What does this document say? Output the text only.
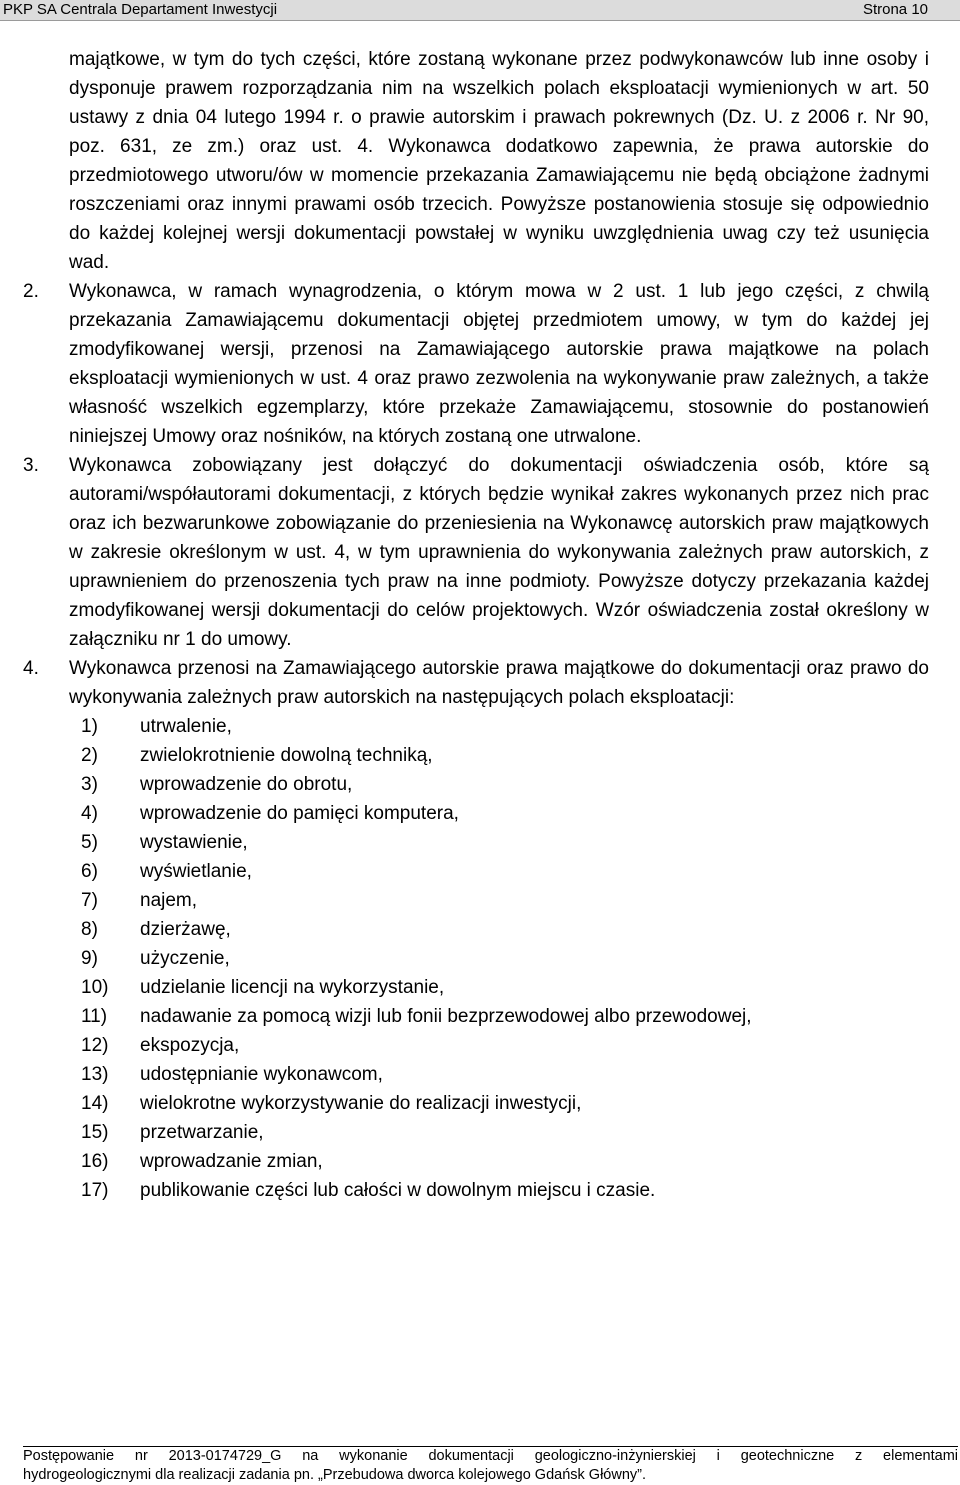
PKP SA Centrala Departament Inwestycji	Strona 10

majątkowe, w tym do tych części, które zostaną wykonane przez podwykonawców lub inne osoby i dysponuje prawem rozporządzania nim na wszelkich polach eksploatacji wymienionych w art. 50 ustawy z dnia 04 lutego 1994 r. o prawie autorskim i prawach pokrewnych (Dz. U. z 2006 r. Nr 90, poz. 631, ze zm.) oraz ust. 4. Wykonawca dodatkowo zapewnia, że prawa autorskie do przedmiotowego utworu/ów w momencie przekazania Zamawiającemu nie będą obciążone żadnymi roszczeniami oraz innymi prawami osób trzecich. Powyższe postanowienia stosuje się odpowiednio do każdej kolejnej wersji dokumentacji powstałej w wyniku uwzględnienia uwag czy też usunięcia wad.

2. Wykonawca, w ramach wynagrodzenia, o którym mowa w 2 ust. 1 lub jego części, z chwilą przekazania Zamawiającemu dokumentacji objętej przedmiotem umowy, w tym do każdej jej zmodyfikowanej wersji, przenosi na Zamawiającego autorskie prawa majątkowe na polach eksploatacji wymienionych w ust. 4 oraz prawo zezwolenia na wykonywanie praw zależnych, a także własność wszelkich egzemplarzy, które przekaże Zamawiającemu, stosownie do postanowień niniejszej Umowy oraz nośników, na których zostaną one utrwalone.

3. Wykonawca zobowiązany jest dołączyć do dokumentacji oświadczenia osób, które są autorami/współautorami dokumentacji, z których będzie wynikał zakres wykonanych przez nich prac oraz ich bezwarunkowe zobowiązanie do przeniesienia na Wykonawcę autorskich praw majątkowych w zakresie określonym w ust. 4, w tym uprawnienia do wykonywania zależnych praw autorskich, z uprawnieniem do przenoszenia tych praw na inne podmioty. Powyższe dotyczy przekazania każdej zmodyfikowanej wersji dokumentacji do celów projektowych. Wzór oświadczenia został określony w załączniku nr 1 do umowy.

4. Wykonawca przenosi na Zamawiającego autorskie prawa majątkowe do dokumentacji oraz prawo do wykonywania zależnych praw autorskich na następujących polach eksploatacji:

1) utrwalenie,
2) zwielokrotnienie dowolną techniką,
3) wprowadzenie do obrotu,
4) wprowadzenie do pamięci komputera,
5) wystawienie,
6) wyświetlanie,
7) najem,
8) dzierżawę,
9) użyczenie,
10) udzielanie licencji na wykorzystanie,
11) nadawanie za pomocą wizji lub fonii bezprzewodowej albo przewodowej,
12) ekspozycja,
13) udostępnianie wykonawcom,
14) wielokrotne wykorzystywanie do realizacji inwestycji,
15) przetwarzanie,
16) wprowadzanie zmian,
17) publikowanie części lub całości w dowolnym miejscu i czasie.
Postępowanie nr 2013-0174729_G na wykonanie dokumentacji geologiczno-inżynierskiej i geotechniczne z elementami
hydrogeologicznymi dla realizacji zadania pn. „Przebudowa dworca kolejowego Gdańsk Główny”.
